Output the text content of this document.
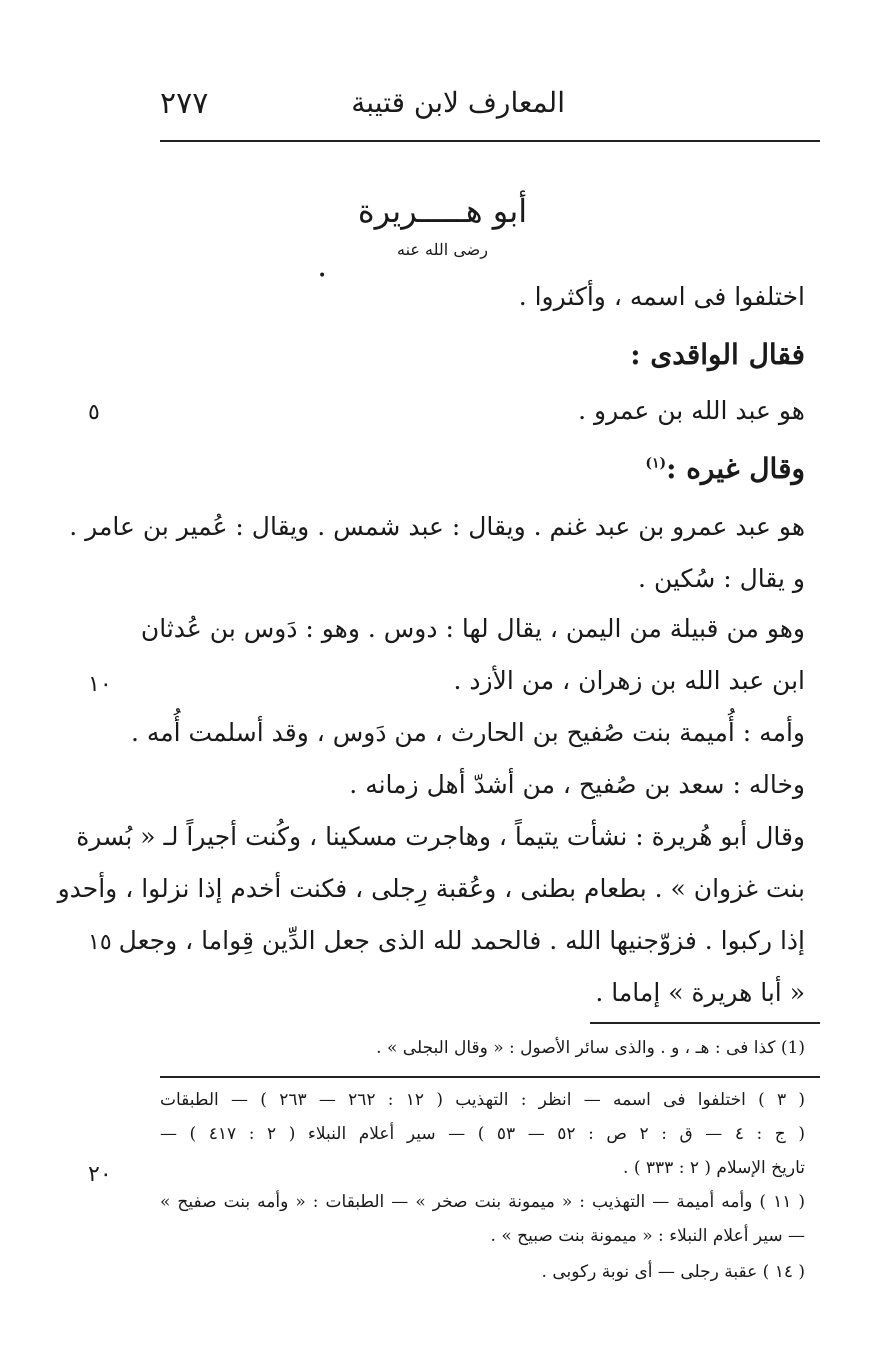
٢٧٧	المعارف لابن قتيبة
أبو هـــــريرة
رضى الله عنه
•
اختلفوا فى اسمه ، وأكثروا .
فقال الواقدى :
هو عبد الله بن عمرو .
وقال غيره :$^{(١)}$
هو عبد عمرو بن عبد غنم . ويقال : عبد شمس . ويقال : عُمير بن عامر .
و يقال : سُكين .
وهو من قبيلة من اليمن ، يقال لها : دوس . وهو : دَوس بن عُدثان
ابن عبد الله بن زهران ، من الأزد .
وأمه : أُميمة بنت صُفيح بن الحارث ، من دَوس ، وقد أسلمت أُمه .
وخاله : سعد بن صُفيح ، من أشدّ أهل زمانه .
وقال أبو هُريرة : نشأت يتيماً ، وهاجرت مسكينا ، وكُنت أجيراً لـ « بُسرة
بنت غزوان » . بطعام بطنى ، وعُقبة رِجلى ، فكنت أخدم إذا نزلوا ، وأحدو
إذا ركبوا . فزوّجنيها الله . فالحمد لله الذى جعل الدِّين قِواما ، وجعل
« أبا هريرة » إماما .
٥
١٠
١٥
٢٠
(1) كذا فى : هـ ، و . والذى سائر الأصول : « وقال البجلى » .
( ٣ ) اختلفوا فى اسمه — انظر : التهذيب ( ١٢ : ٢٦٢ — ٢٦٣ ) — الطبقات
( ج : ٤ — ق : ٢ ص : ٥٢ — ٥٣ ) — سير أعلام النبلاء ( ٢ : ٤١٧ ) —
تاريخ الإسلام ( ٢ : ٣٣٣ ) .
( ١١ ) وأمه أميمة — التهذيب : « ميمونة بنت صخر » — الطبقات : « وأمه بنت صفيح »
— سير أعلام النبلاء : « ميمونة بنت صبيح » .
( ١٤ ) عقبة رجلى — أى نوبة ركوبى .
